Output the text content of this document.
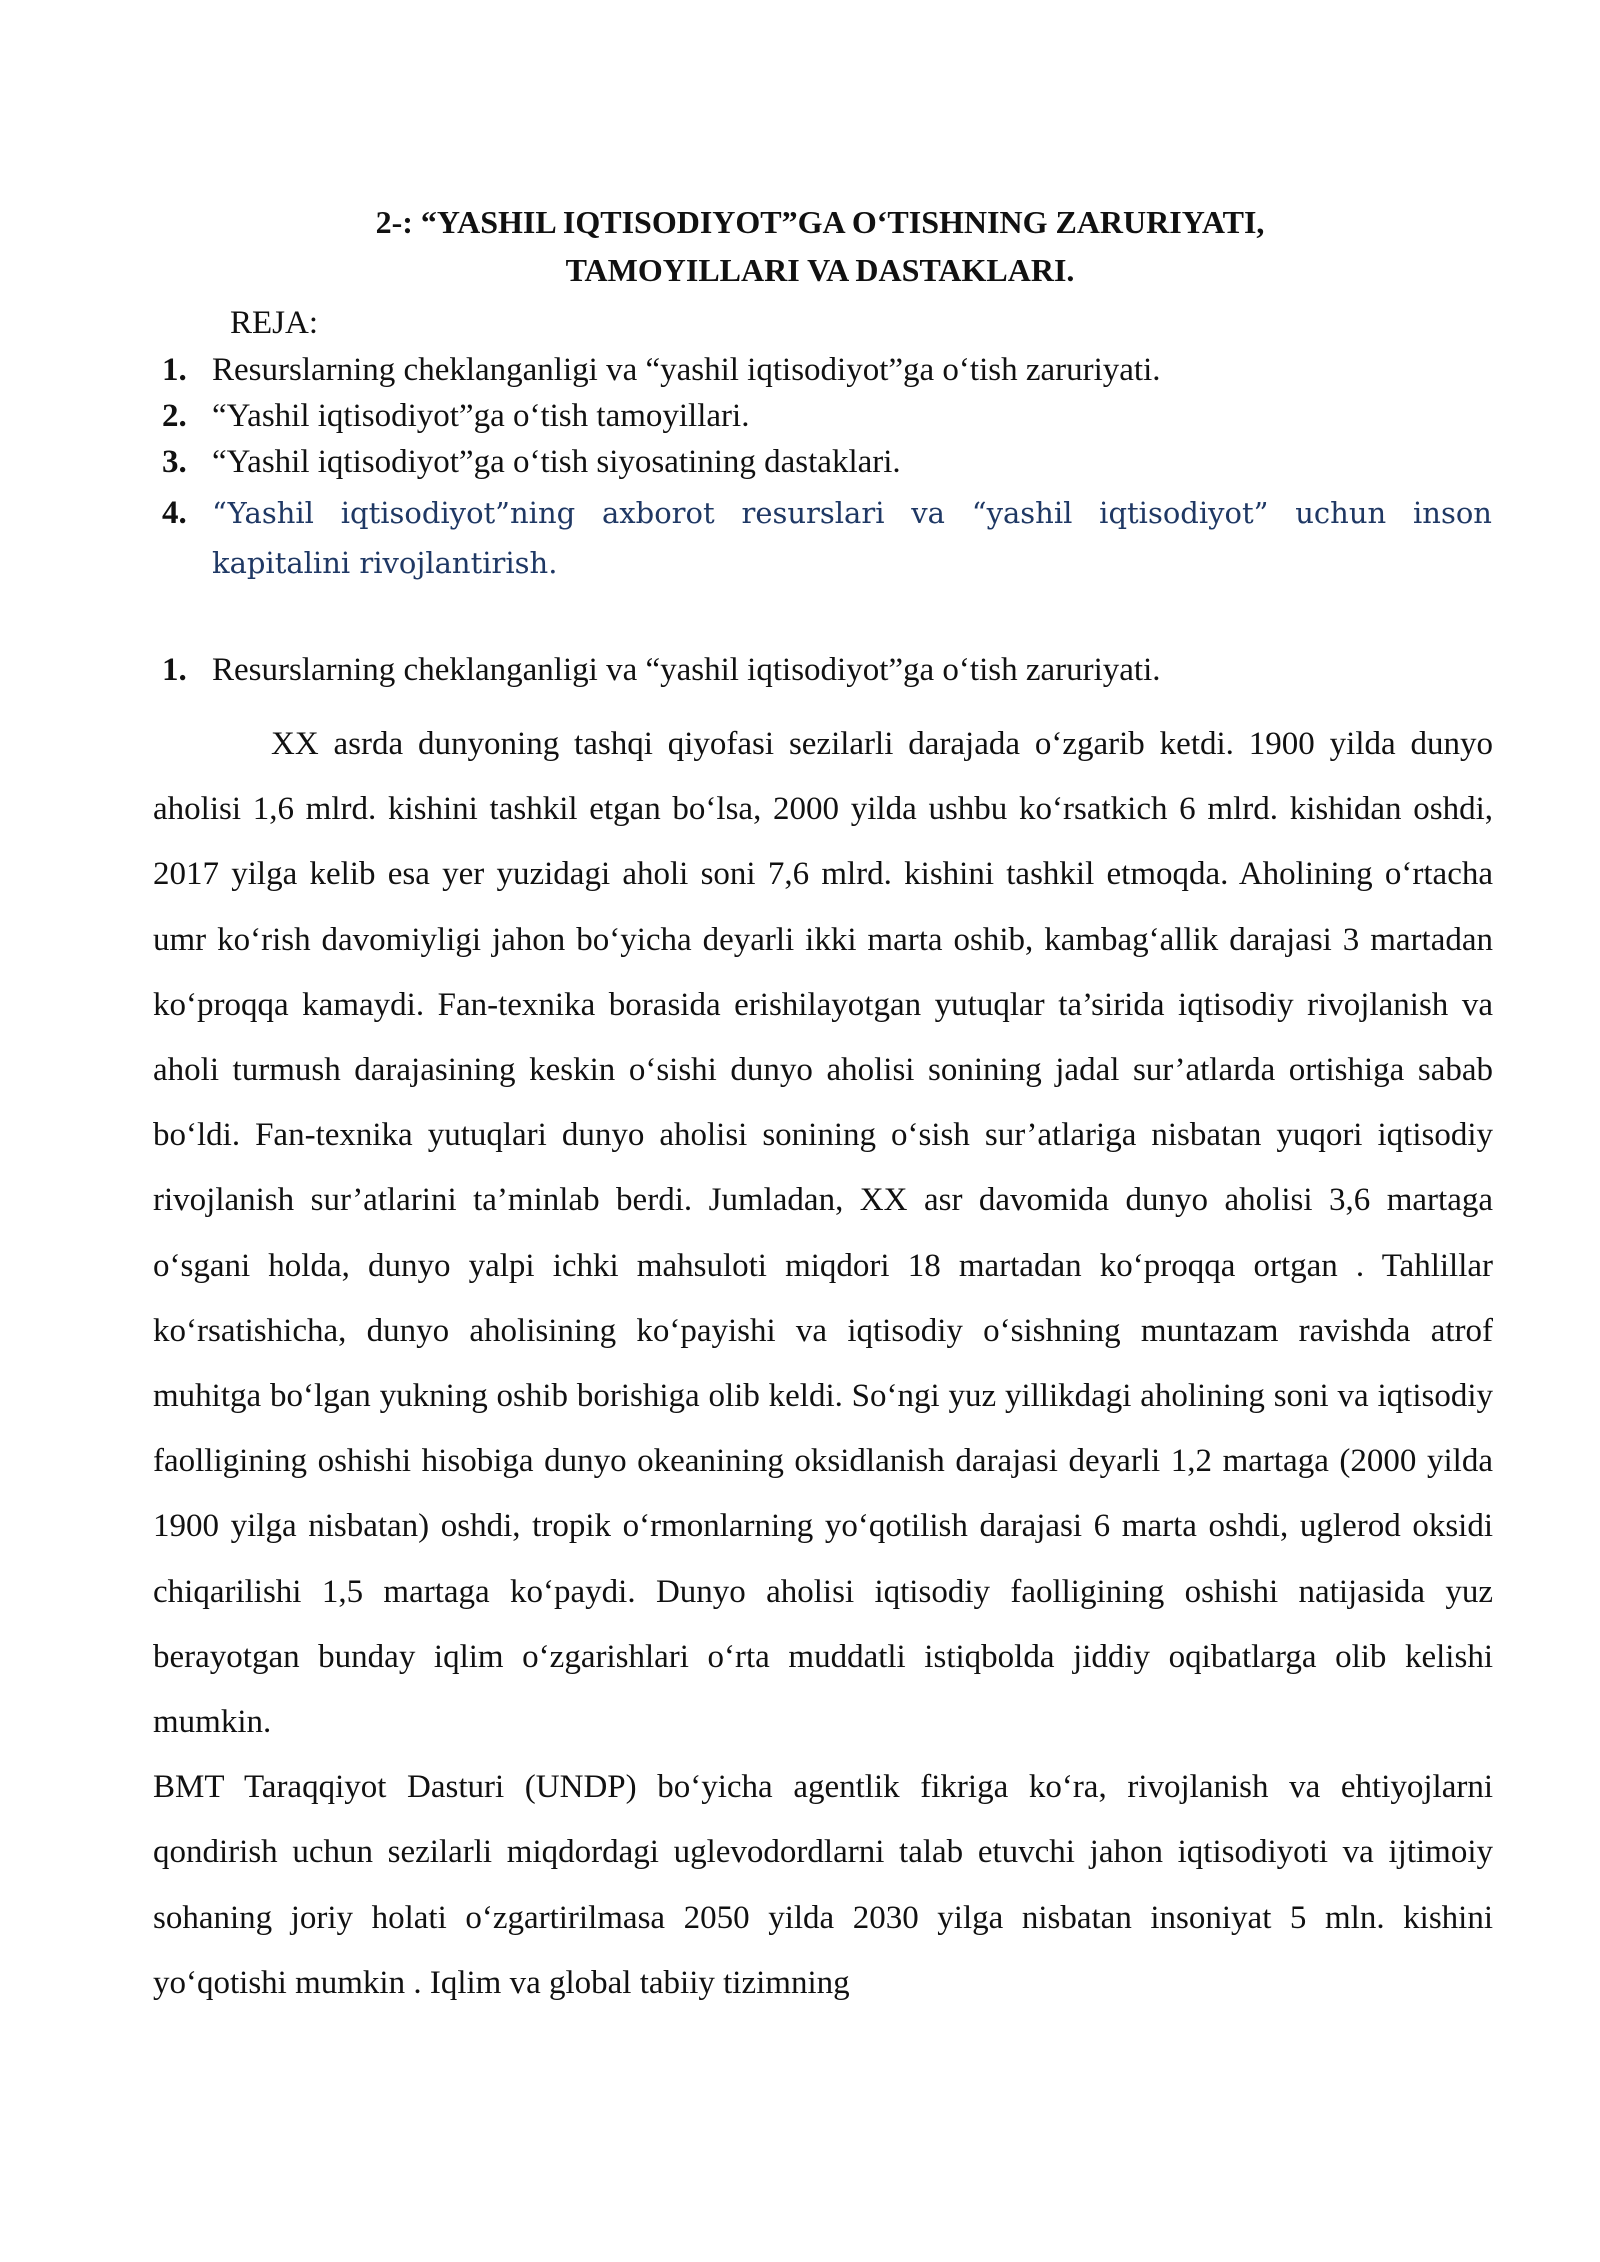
2-: “YASHIL IQTISODIYOT”GA O‘TISHNING ZARURIYATI,
TAMOYILLARI VA DASTAKLARI.
REJA:
1. Resurslarning cheklanganligi va “yashil iqtisodiyot”ga o‘tish zaruriyati.
2. “Yashil iqtisodiyot”ga o‘tish tamoyillari.
3. “Yashil iqtisodiyot”ga o‘tish siyosatining dastaklari.
4. “Yashil iqtisodiyot”ning axborot resurslari va “yashil iqtisodiyot” uchun inson kapitalini rivojlantirish.
1. Resurslarning cheklanganligi va “yashil iqtisodiyot”ga o‘tish zaruriyati.

XX asrda dunyoning tashqi qiyofasi sezilarli darajada o‘zgarib ketdi. 1900 yilda dunyo aholisi 1,6 mlrd. kishini tashkil etgan bo‘lsa, 2000 yilda ushbu ko‘rsatkich 6 mlrd. kishidan oshdi, 2017 yilga kelib esa yer yuzidagi aholi soni 7,6 mlrd. kishini tashkil etmoqda. Aholining o‘rtacha umr ko‘rish davomiyligi jahon bo‘yicha deyarli ikki marta oshib, kambag‘allik darajasi 3 martadan ko‘proqqa kamaydi. Fan-texnika borasida erishilayotgan yutuqlar ta’sirida iqtisodiy rivojlanish va aholi turmush darajasining keskin o‘sishi dunyo aholisi sonining jadal sur’atlarda ortishiga sabab bo‘ldi. Fan-texnika yutuqlari dunyo aholisi sonining o‘sish sur’atlariga nisbatan yuqori iqtisodiy rivojlanish sur’atlarini ta’minlab berdi. Jumladan, XX asr davomida dunyo aholisi 3,6 martaga o‘sgani holda, dunyo yalpi ichki mahsuloti miqdori 18 martadan ko‘proqqa ortgan . Tahlillar ko‘rsatishicha, dunyo aholisining ko‘payishi va iqtisodiy o‘sishning muntazam ravishda atrof muhitga bo‘lgan yukning oshib borishiga olib keldi. So‘ngi yuz yillikdagi aholining soni va iqtisodiy faolligining oshishi hisobiga dunyo okeanining oksidlanish darajasi deyarli 1,2 martaga (2000 yilda 1900 yilga nisbatan) oshdi, tropik o‘rmonlarning yo‘qotilish darajasi 6 marta oshdi, uglerod oksidi chiqarilishi 1,5 martaga ko‘paydi. Dunyo aholisi iqtisodiy faolligining oshishi natijasida yuz berayotgan bunday iqlim o‘zgarishlari o‘rta muddatli istiqbolda jiddiy oqibatlarga olib kelishi mumkin.

BMT Taraqqiyot Dasturi (UNDP) bo‘yicha agentlik fikriga ko‘ra, rivojlanish va ehtiyojlarni qondirish uchun sezilarli miqdordagi uglevodordlarni talab etuvchi jahon iqtisodiyoti va ijtimoiy sohaning joriy holati o‘zgartirilmasa 2050 yilda 2030 yilga nisbatan insoniyat 5 mln. kishini yo‘qotishi mumkin . Iqlim va global tabiiy tizimning
